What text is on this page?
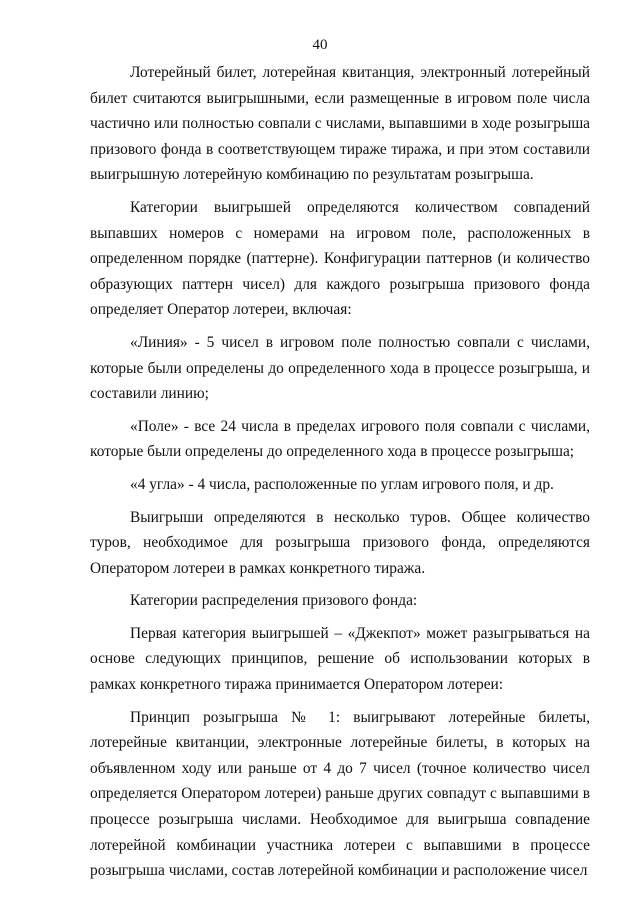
40

Лотерейный билет, лотерейная квитанция, электронный лотерейный билет считаются выигрышными, если размещенные в игровом поле числа частично или полностью совпали с числами, выпавшими в ходе розыгрыша призового фонда в соответствующем тираже тиража, и при этом составили выигрышную лотерейную комбинацию по результатам розыгрыша.

Категории выигрышей определяются количеством совпадений выпавших номеров с номерами на игровом поле, расположенных в определенном порядке (паттерне). Конфигурации паттернов (и количество образующих паттерн чисел) для каждого розыгрыша призового фонда определяет Оператор лотереи, включая:

«Линия» - 5 чисел в игровом поле полностью совпали с числами, которые были определены до определенного хода в процессе розыгрыша, и составили линию;

«Поле» - все 24 числа в пределах игрового поля совпали с числами, которые были определены до определенного хода в процессе розыгрыша;

«4 угла» - 4 числа, расположенные по углам игрового поля, и др.

Выигрыши определяются в несколько туров. Общее количество туров, необходимое для розыгрыша призового фонда, определяются Оператором лотереи в рамках конкретного тиража.

Категории распределения призового фонда:

Первая категория выигрышей – «Джекпот» может разыгрываться на основе следующих принципов, решение об использовании которых в рамках конкретного тиража принимается Оператором лотереи:

Принцип розыгрыша № 1: выигрывают лотерейные билеты, лотерейные квитанции, электронные лотерейные билеты, в которых на объявленном ходу или раньше от 4 до 7 чисел (точное количество чисел определяется Оператором лотереи) раньше других совпадут с выпавшими в процессе розыгрыша числами. Необходимое для выигрыша совпадение лотерейной комбинации участника лотереи с выпавшими в процессе розыгрыша числами, состав лотерейной комбинации и расположение чисел
